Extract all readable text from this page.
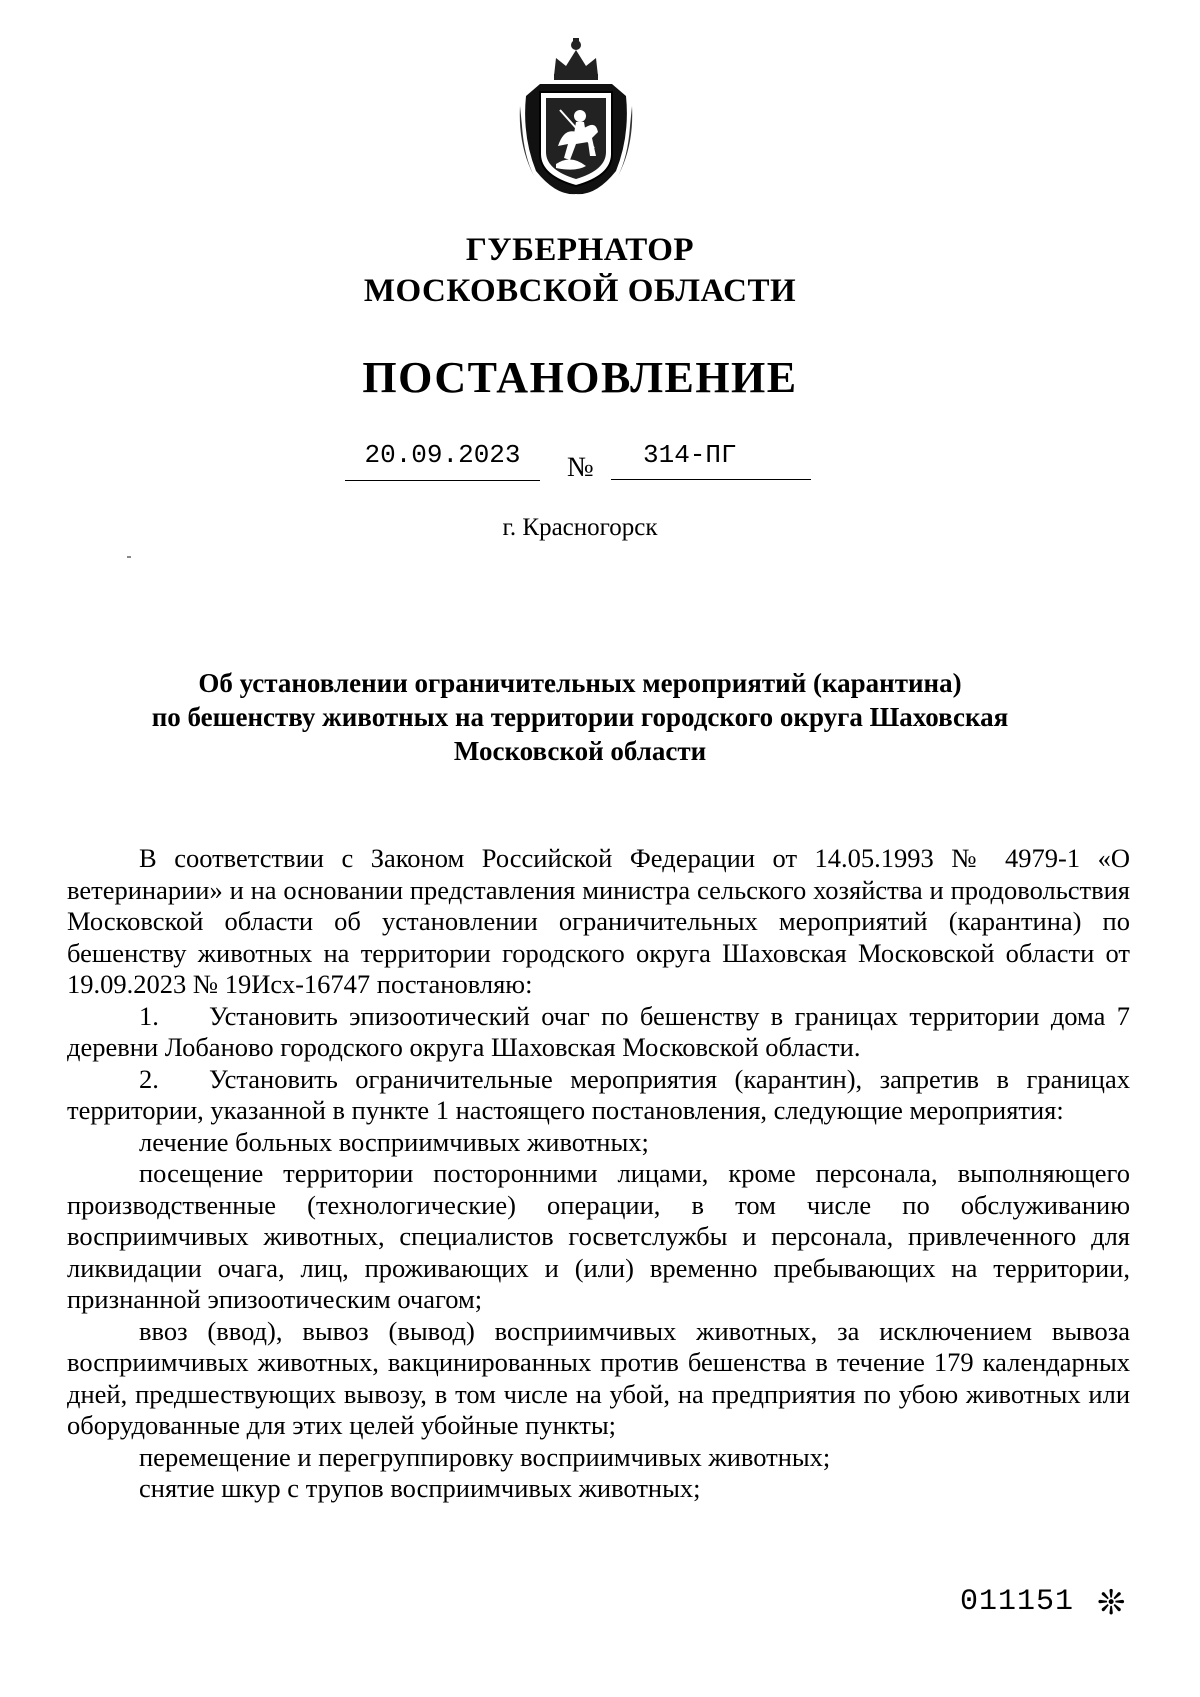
ГУБЕРНАТОР
МОСКОВСКОЙ ОБЛАСТИ
ПОСТАНОВЛЕНИЕ
20.09.2023	№	314-ПГ
г. Красногорск
Об установлении ограничительных мероприятий (карантина)
по бешенству животных на территории городского округа Шаховская
Московской области

В соответствии с Законом Российской Федерации от 14.05.1993 № 4979-1 «О ветеринарии» и на основании представления министра сельского хозяйства и продовольствия Московской области об установлении ограничительных мероприятий (карантина) по бешенству животных на территории городского округа Шаховская Московской области от 19.09.2023 № 19Исх-16747 постановляю:

1. Установить эпизоотический очаг по бешенству в границах территории дома 7 деревни Лобаново городского округа Шаховская Московской области.

2. Установить ограничительные мероприятия (карантин), запретив в границах территории, указанной в пункте 1 настоящего постановления, следующие мероприятия:

лечение больных восприимчивых животных;

посещение территории посторонними лицами, кроме персонала, выполняющего производственные (технологические) операции, в том числе по обслуживанию восприимчивых животных, специалистов госветслужбы и персонала, привлеченного для ликвидации очага, лиц, проживающих и (или) временно пребывающих на территории, признанной эпизоотическим очагом;

ввоз (ввод), вывоз (вывод) восприимчивых животных, за исключением вывоза восприимчивых животных, вакцинированных против бешенства в течение 179 календарных дней, предшествующих вывозу, в том числе на убой, на предприятия по убою животных или оборудованные для этих целей убойные пункты;

перемещение и перегруппировку восприимчивых животных;

снятие шкур с трупов восприимчивых животных;

011151 ❊
